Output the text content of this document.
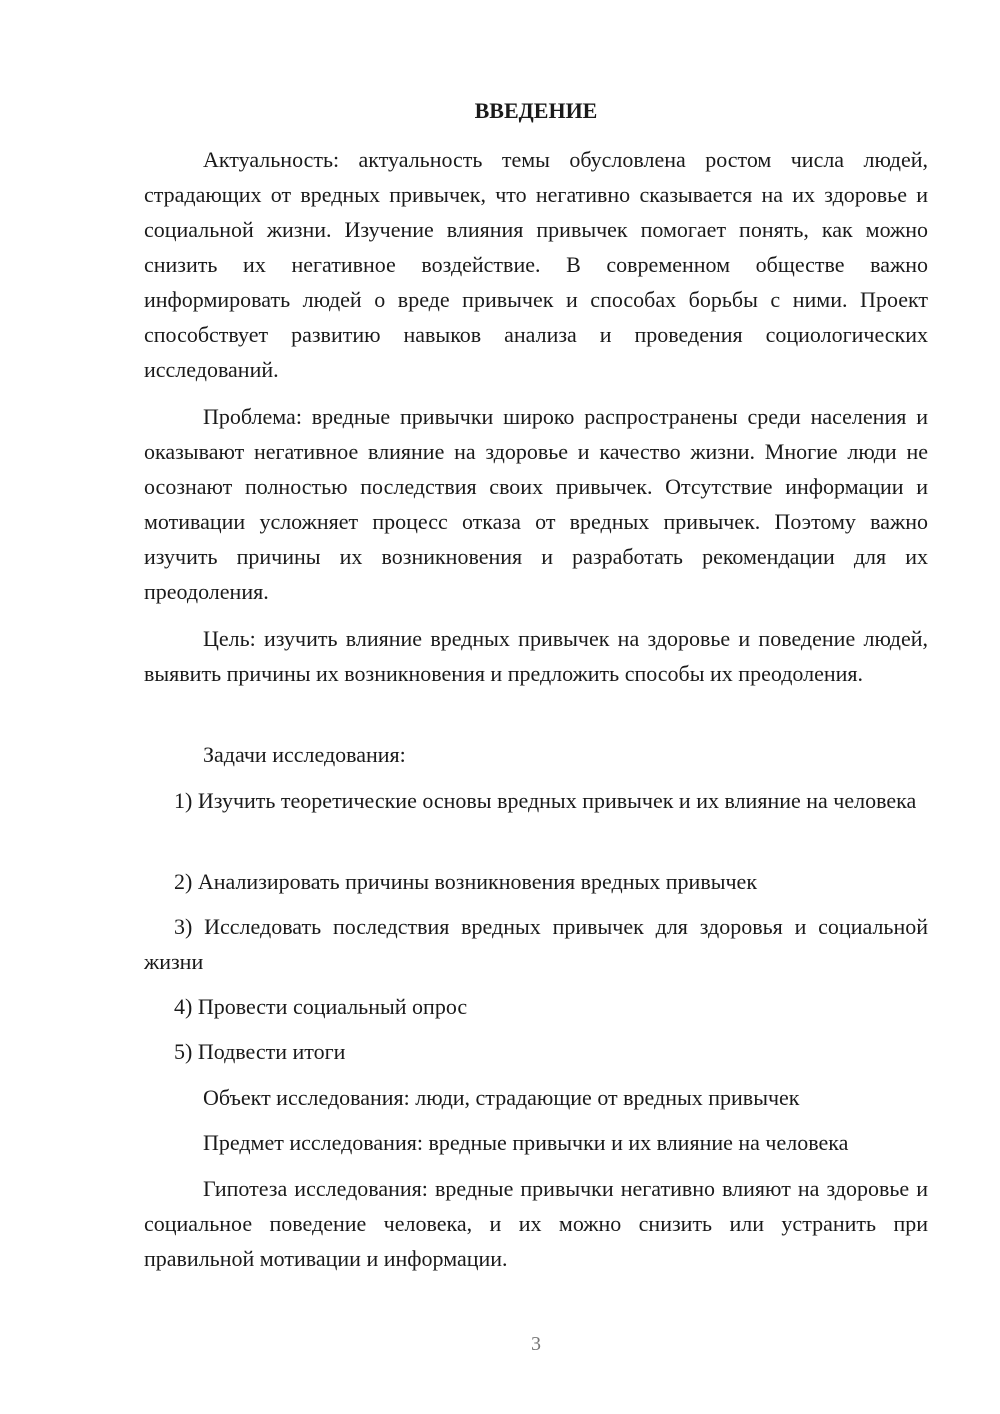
ВВЕДЕНИЕ

Актуальность: актуальность темы обусловлена ростом числа людей, страдающих от вредных привычек, что негативно сказывается на их здоровье и социальной жизни. Изучение влияния привычек помогает понять, как можно снизить их негативное воздействие. В современном обществе важно информировать людей о вреде привычек и способах борьбы с ними. Проект способствует развитию навыков анализа и проведения социологических исследований.

Проблема: вредные привычки широко распространены среди населения и оказывают негативное влияние на здоровье и качество жизни. Многие люди не осознают полностью последствия своих привычек. Отсутствие информации и мотивации усложняет процесс отказа от вредных привычек. Поэтому важно изучить причины их возникновения и разработать рекомендации для их преодоления.

Цель: изучить влияние вредных привычек на здоровье и поведение людей, выявить причины их возникновения и предложить способы их преодоления.

Задачи исследования:

1) Изучить теоретические основы вредных привычек и их влияние на человека

2) Анализировать причины возникновения вредных привычек

3) Исследовать последствия вредных привычек для здоровья и социальной жизни

4) Провести социальный опрос

5) Подвести итоги

Объект исследования: люди, страдающие от вредных привычек

Предмет исследования: вредные привычки и их влияние на человека

Гипотеза исследования: вредные привычки негативно влияют на здоровье и социальное поведение человека, и их можно снизить или устранить при правильной мотивации и информации.

3
